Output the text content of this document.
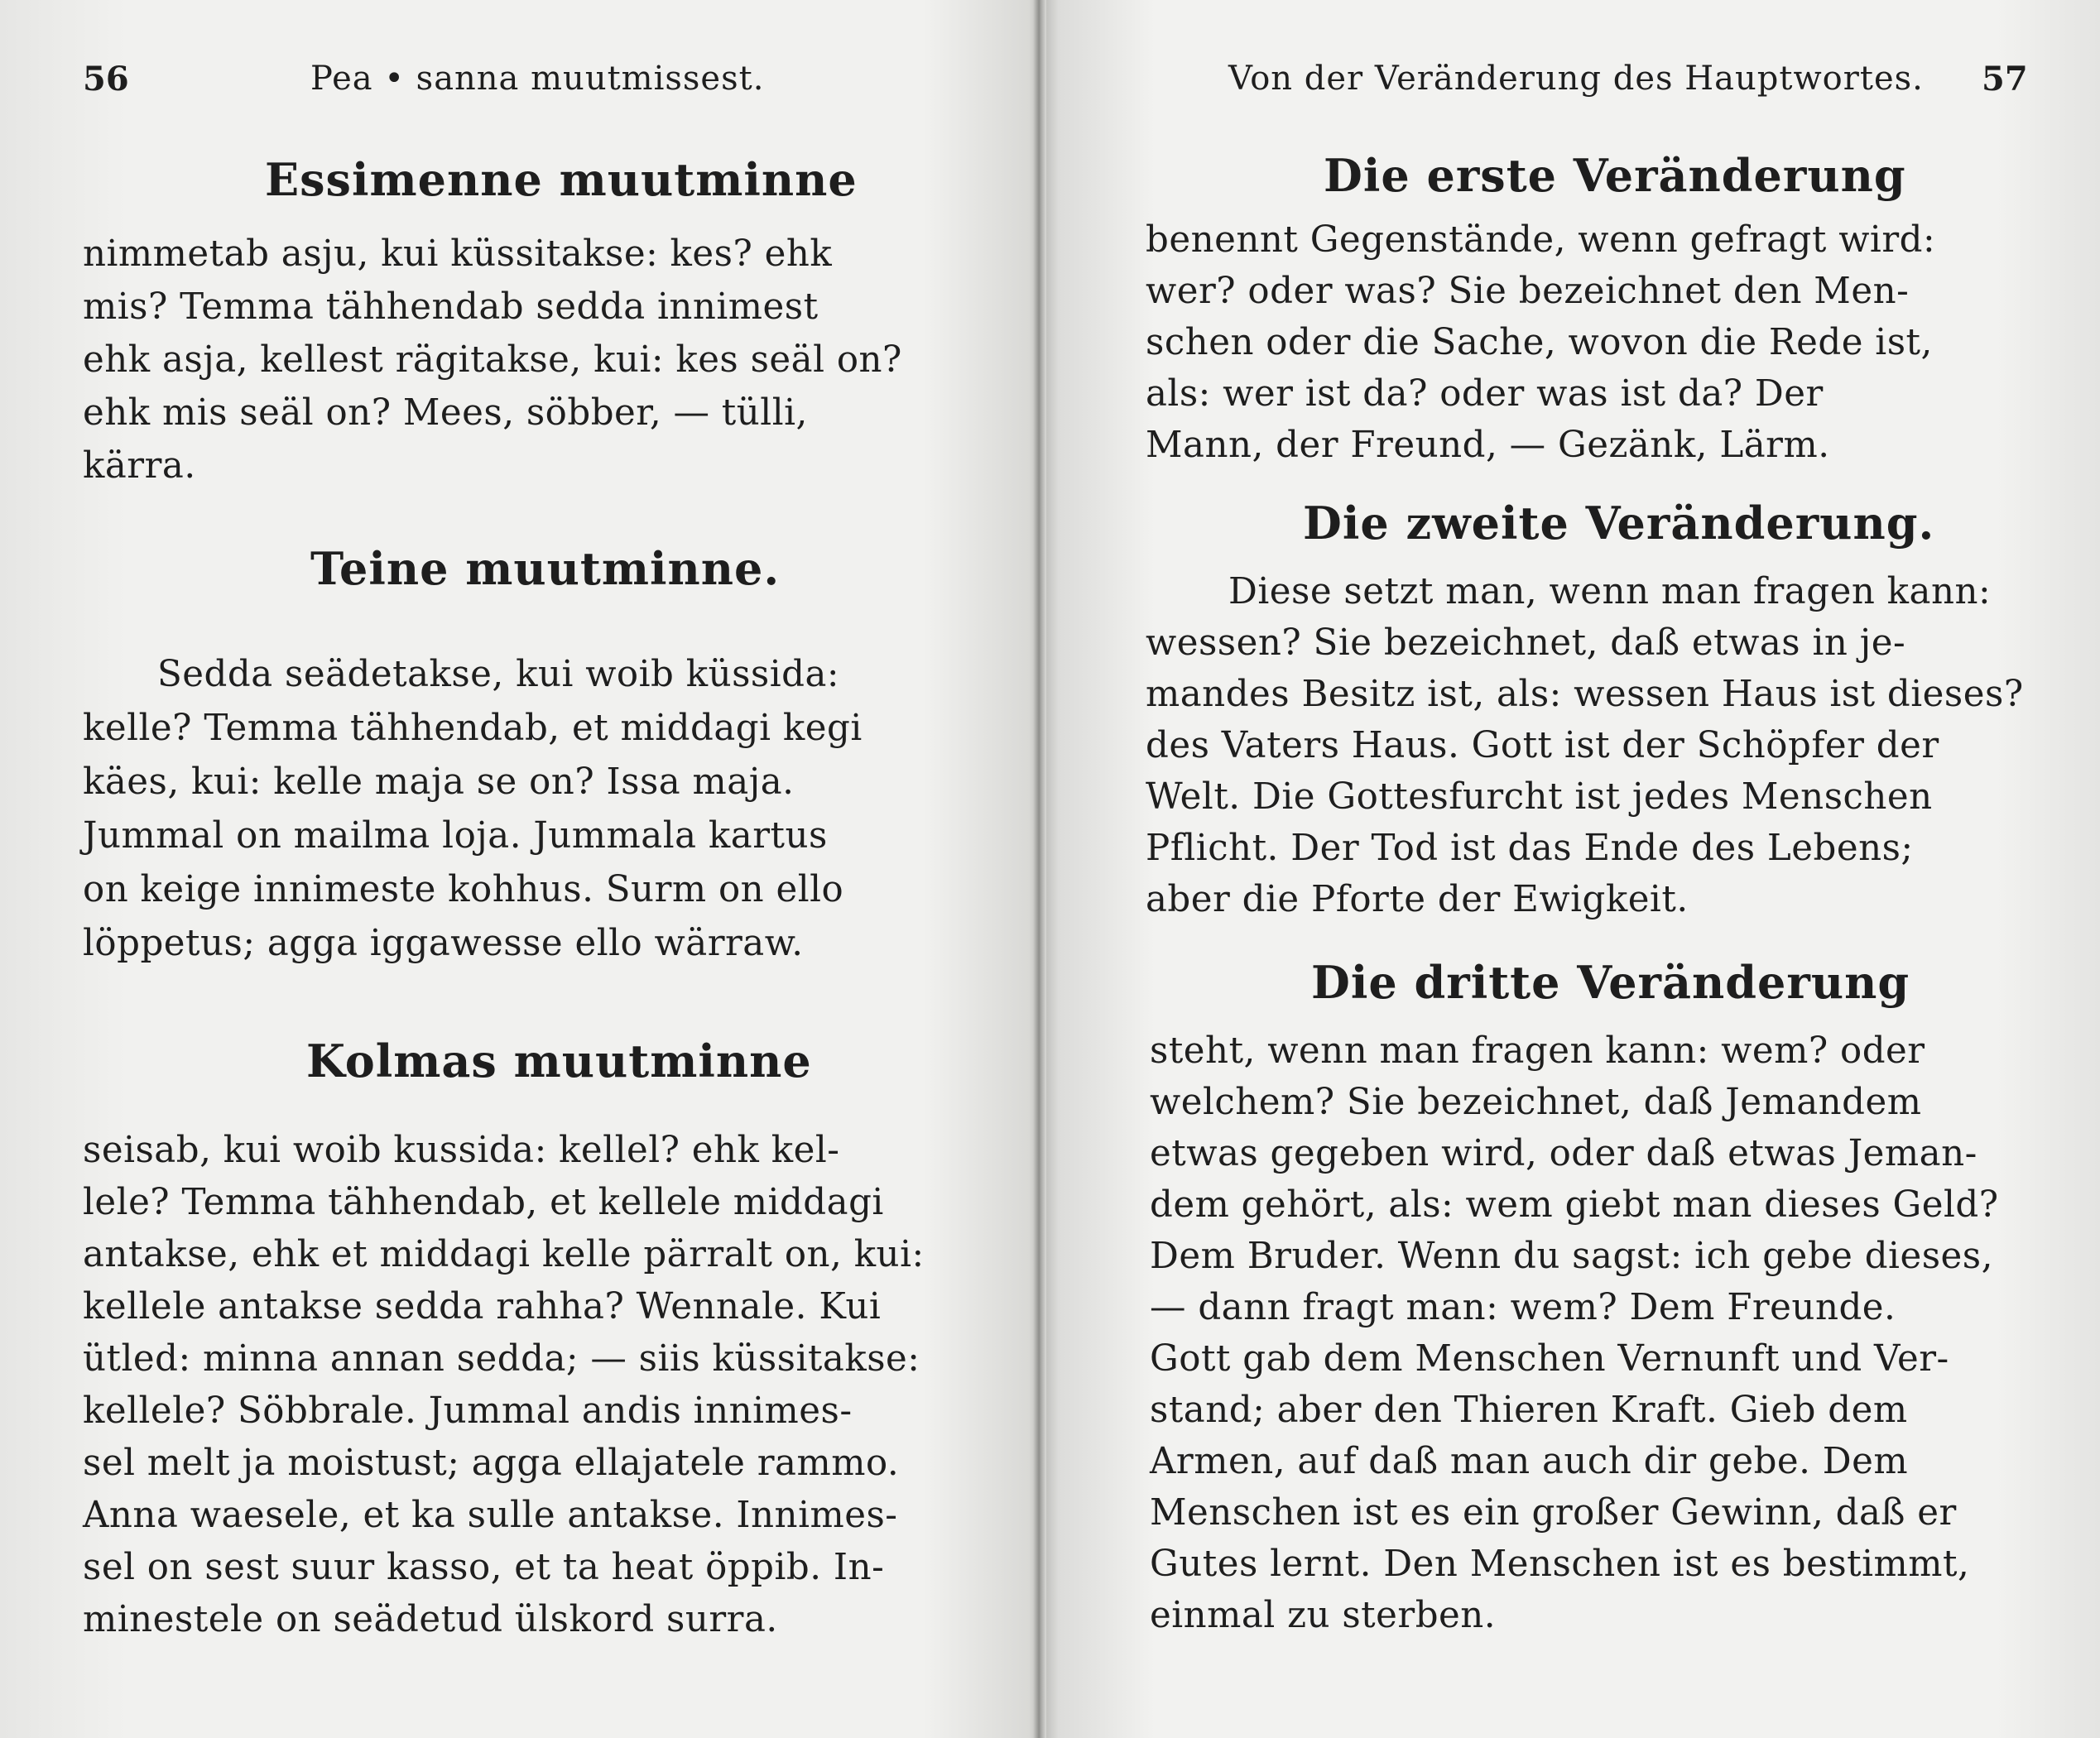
56	Pea • sanna muutmissest.
Essimenne muutminne
nimmetab asju, kui küssitakse: kes? ehk
mis? Temma tähhendab sedda innimest
ehk asja, kellest rägitakse, kui: kes seäl on?
ehk mis seäl on? Mees, söbber, — tülli,
kärra.
Teine muutminne.
Sedda seädetakse, kui woib küssida:
kelle? Temma tähhendab, et middagi kegi
käes, kui: kelle maja se on? Issa maja.
Jummal on mailma loja. Jummala kartus
on keige innimeste kohhus. Surm on ello
löppetus; agga iggawesse ello wärraw.
Kolmas muutminne
seisab, kui woib kussida: kellel? ehk kel-
lele? Temma tähhendab, et kellele middagi
antakse, ehk et middagi kelle pärralt on, kui:
kellele antakse sedda rahha? Wennale. Kui
ütled: minna annan sedda; — siis küssitakse:
kellele? Söbbrale. Jummal andis innimes-
sel melt ja moistust; agga ellajatele rammo.
Anna waesele, et ka sulle antakse. Innimes-
sel on sest suur kasso, et ta heat öppib. In-
minestele on seädetud ülskord surra.
Von der Veränderung des Hauptwortes. 57
Die erste Veränderung
benennt Gegenstände, wenn gefragt wird:
wer? oder was? Sie bezeichnet den Men-
schen oder die Sache, wovon die Rede ist,
als: wer ist da? oder was ist da? Der
Mann, der Freund, — Gezänk, Lärm.
Die zweite Veränderung.
Diese setzt man, wenn man fragen kann:
wessen? Sie bezeichnet, daß etwas in je-
mandes Besitz ist, als: wessen Haus ist dieses?
des Vaters Haus. Gott ist der Schöpfer der
Welt. Die Gottesfurcht ist jedes Menschen
Pflicht. Der Tod ist das Ende des Lebens;
aber die Pforte der Ewigkeit.
Die dritte Veränderung
steht, wenn man fragen kann: wem? oder
welchem? Sie bezeichnet, daß Jemandem
etwas gegeben wird, oder daß etwas Jeman-
dem gehört, als: wem giebt man dieses Geld?
Dem Bruder. Wenn du sagst: ich gebe dieses,
— dann fragt man: wem? Dem Freunde.
Gott gab dem Menschen Vernunft und Ver-
stand; aber den Thieren Kraft. Gieb dem
Armen, auf daß man auch dir gebe. Dem
Menschen ist es ein großer Gewinn, daß er
Gutes lernt. Den Menschen ist es bestimmt,
einmal zu sterben.
